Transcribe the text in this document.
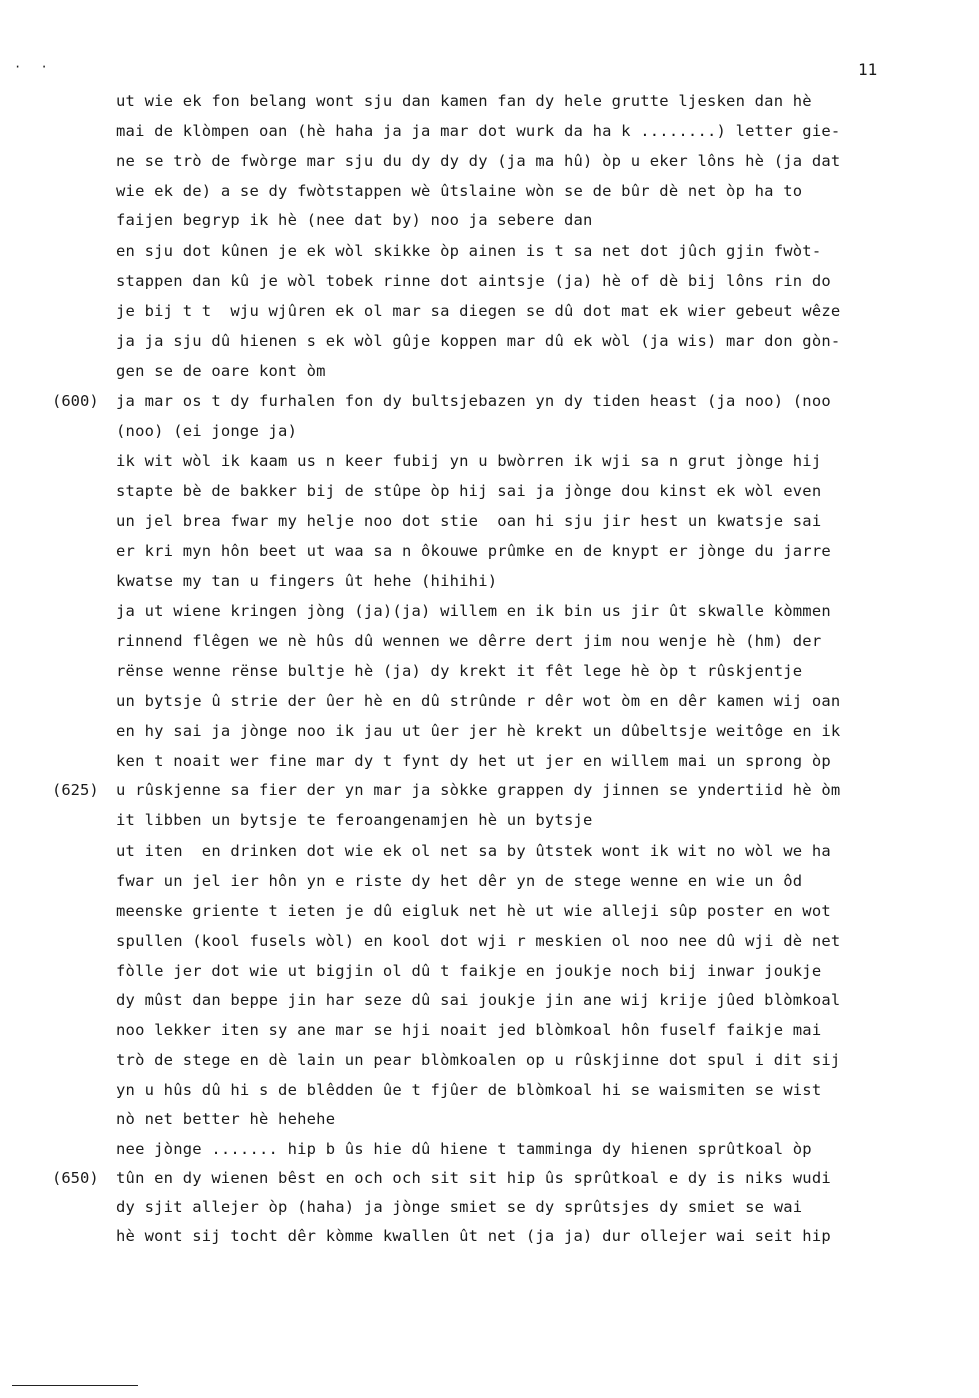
· ·	11
(600)
(625)
(650)
ut wie ek fon belang wont sju dan kamen fan dy hele grutte ljesken dan hè
mai de klòmpen oan (hè haha ja ja mar dot wurk da ha k ........) letter gie-
ne se trò de fwòrge mar sju du dy dy dy (ja ma hû) òp u eker lôns hè (ja dat
wie ek de) a se dy fwòtstappen wè ûtslaine wòn se de bûr dè net òp ha to
faijen begryp ik hè (nee dat by) noo ja sebere dan
en sju dot kûnen je ek wòl skikke òp ainen is t sa net dot jûch gjin fwòt-
stappen dan kû je wòl tobek rinne dot aintsje (ja) hè of dè bij lôns rin do
je bij t t  wju wjûren ek ol mar sa diegen se dû dot mat ek wier gebeut wêze
ja ja sju dû hienen s ek wòl gûje koppen mar dû ek wòl (ja wis) mar don gòn-
gen se de oare kont òm
ja mar os t dy furhalen fon dy bultsjebazen yn dy tiden heast (ja noo) (noo
(noo) (ei jonge ja)
ik wit wòl ik kaam us n keer fubij yn u bwòrren ik wji sa n grut jònge hij
stapte bè de bakker bij de stûpe òp hij sai ja jònge dou kinst ek wòl even
un jel brea fwar my helje noo dot stie  oan hi sju jir hest un kwatsje sai
er kri myn hôn beet ut waa sa n ôkouwe prûmke en de knypt er jònge du jarre
kwatse my tan u fingers ût hehe (hihihi)
ja ut wiene kringen jòng (ja)(ja) willem en ik bin us jir ût skwalle kòmmen
rinnend flêgen we nè hûs dû wennen we dêrre dert jim nou wenje hè (hm) der
rënse wenne rënse bultje hè (ja) dy krekt it fêt lege hè òp t rûskjentje
un bytsje û strie der ûer hè en dû strûnde r dêr wot òm en dêr kamen wij oan
en hy sai ja jònge noo ik jau ut ûer jer hè krekt un dûbeltsje weitôge en ik
ken t noait wer fine mar dy t fynt dy het ut jer en willem mai un sprong òp
u rûskjenne sa fier der yn mar ja sòkke grappen dy jinnen se yndertiid hè òm
it libben un bytsje te feroangenamjen hè un bytsje
ut iten  en drinken dot wie ek ol net sa by ûtstek wont ik wit no wòl we ha
fwar un jel ier hôn yn e riste dy het dêr yn de stege wenne en wie un ôd
meenske griente t ieten je dû eigluk net hè ut wie alleji sûp poster en wot
spullen (kool fusels wòl) en kool dot wji r meskien ol noo nee dû wji dè net
fòlle jer dot wie ut bigjin ol dû t faikje en joukje noch bij inwar joukje
dy mûst dan beppe jin har seze dû sai joukje jin ane wij krije jûed blòmkoal
noo lekker iten sy ane mar se hji noait jed blòmkoal hôn fuself faikje mai
trò de stege en dè lain un pear blòmkoalen op u rûskjinne dot spul i dit sij
yn u hûs dû hi s de blêdden ûe t fjûer de blòmkoal hi se waismiten se wist
nò net better hè hehehe
nee jònge ....... hip b ûs hie dû hiene t tamminga dy hienen sprûtkoal òp
tûn en dy wienen bêst en och och sit sit hip ûs sprûtkoal e dy is niks wudi
dy sjit allejer òp (haha) ja jònge smiet se dy sprûtsjes dy smiet se wai
hè wont sij tocht dêr kòmme kwallen ût net (ja ja) dur ollejer wai seit hip
